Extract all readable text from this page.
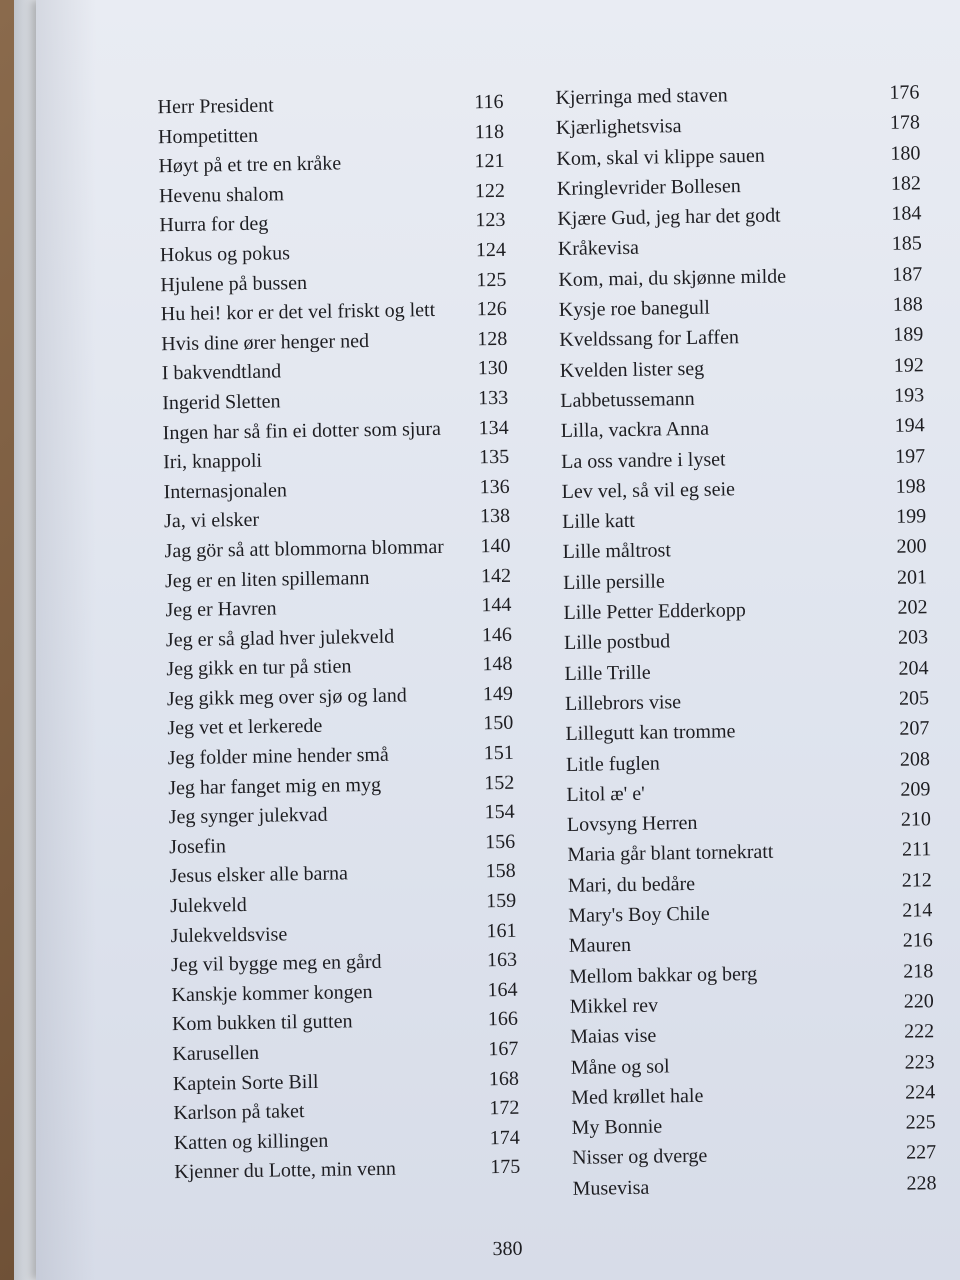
Herr President	116
Hompetitten	118
Høyt på et tre en kråke	121
Hevenu shalom	122
Hurra for deg	123
Hokus og pokus	124
Hjulene på bussen	125
Hu hei! kor er det vel friskt og lett	126
Hvis dine ører henger ned	128
I bakvendtland	130
Ingerid Sletten	133
Ingen har så fin ei dotter som sjura	134
Iri, knappoli	135
Internasjonalen	136
Ja, vi elsker	138
Jag gör så att blommorna blommar	140
Jeg er en liten spillemann	142
Jeg er Havren	144
Jeg er så glad hver julekveld	146
Jeg gikk en tur på stien	148
Jeg gikk meg over sjø og land	149
Jeg vet et lerkerede	150
Jeg folder mine hender små	151
Jeg har fanget mig en myg	152
Jeg synger julekvad	154
Josefin	156
Jesus elsker alle barna	158
Julekveld	159
Julekveldsvise	161
Jeg vil bygge meg en gård	163
Kanskje kommer kongen	164
Kom bukken til gutten	166
Karusellen	167
Kaptein Sorte Bill	168
Karlson på taket	172
Katten og killingen	174
Kjenner du Lotte, min venn	175
Kjerringa med staven	176
Kjærlighetsvisa	178
Kom, skal vi klippe sauen	180
Kringlevrider Bollesen	182
Kjære Gud, jeg har det godt	184
Kråkevisa	185
Kom, mai, du skjønne milde	187
Kysje roe banegull	188
Kveldssang for Laffen	189
Kvelden lister seg	192
Labbetussemann	193
Lilla, vackra Anna	194
La oss vandre i lyset	197
Lev vel, så vil eg seie	198
Lille katt	199
Lille måltrost	200
Lille persille	201
Lille Petter Edderkopp	202
Lille postbud	203
Lille Trille	204
Lillebrors vise	205
Lillegutt kan tromme	207
Litle fuglen	208
Litol æ' e'	209
Lovsyng Herren	210
Maria går blant tornekratt	211
Mari, du bedåre	212
Mary's Boy Chile	214
Mauren	216
Mellom bakkar og berg	218
Mikkel rev	220
Maias vise	222
Måne og sol	223
Med krøllet hale	224
My Bonnie	225
Nisser og dverge	227
Musevisa	228
380
